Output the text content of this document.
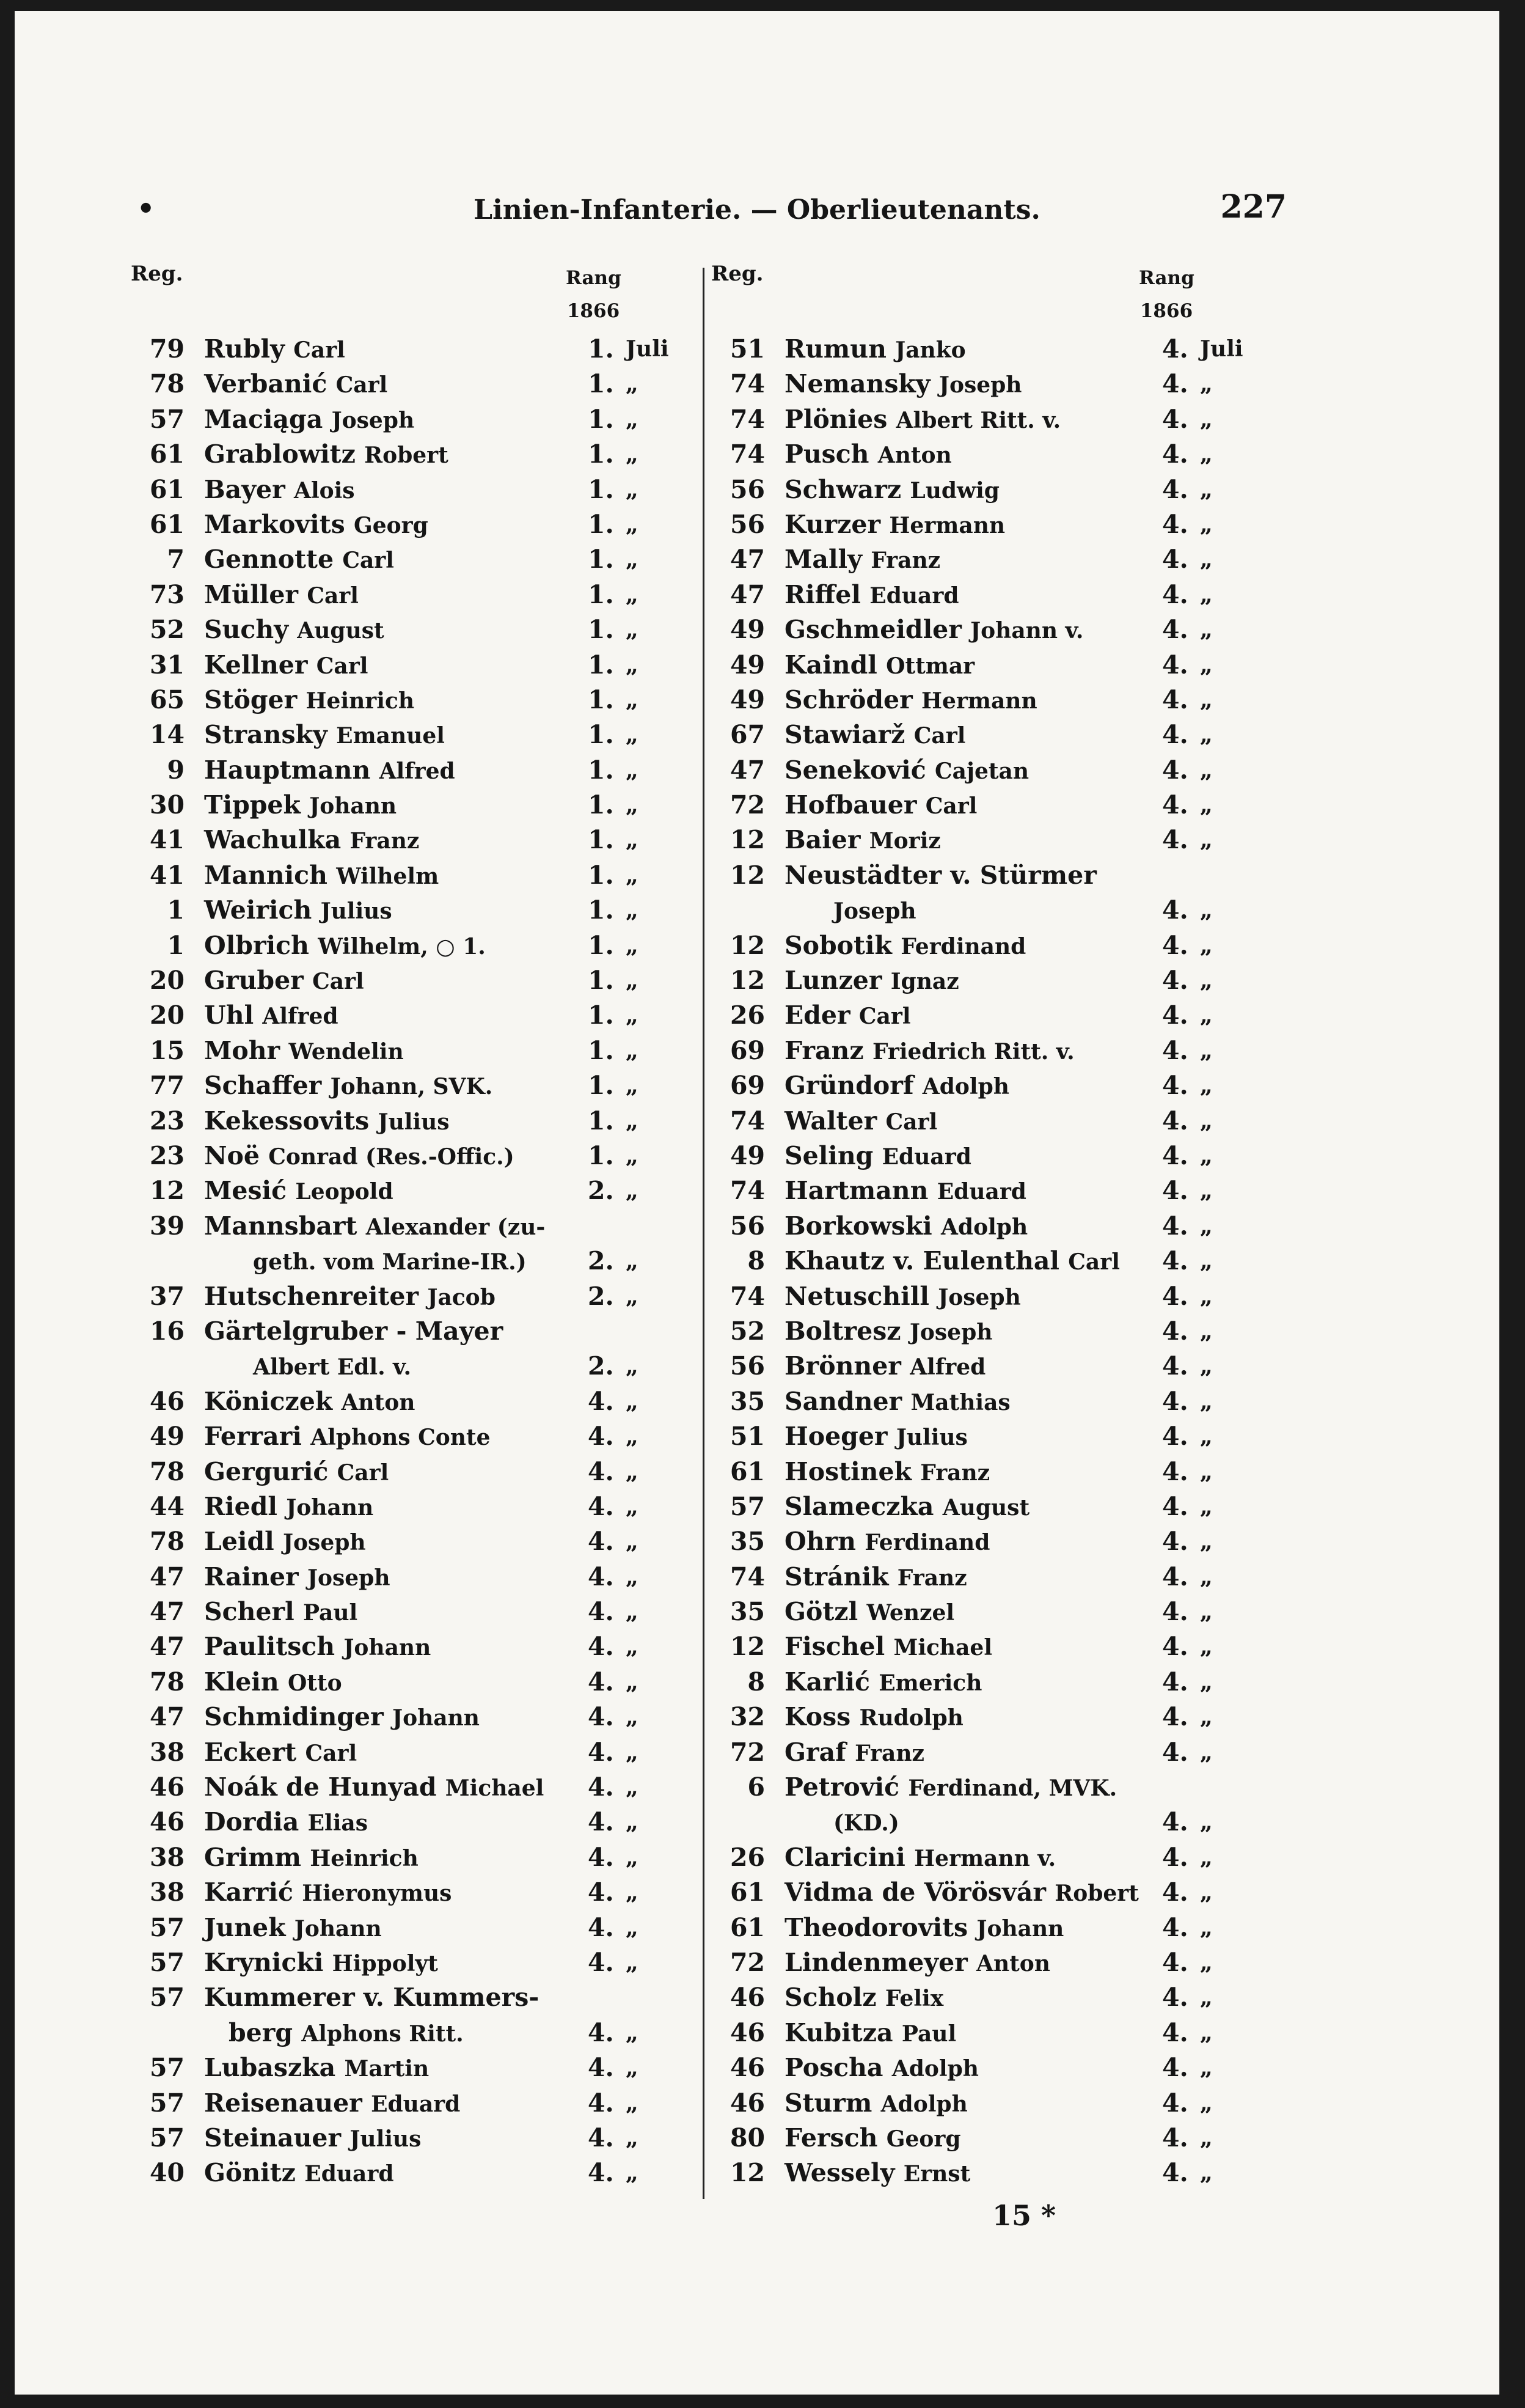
•	Linien-Infanterie. — Oberlieutenants.	227
Reg.	Rang
1866
79 Rubly Carl	1. Juli
78 Verbanić Carl	1. „
57 Maciąga Joseph	1. „
61 Grablowitz Robert	1. „
61 Bayer Alois	1. „
61 Markovits Georg	1. „
7 Gennotte Carl	1. „
73 Müller Carl	1. „
52 Suchy August	1. „
31 Kellner Carl	1. „
65 Stöger Heinrich	1. „
14 Stransky Emanuel	1. „
9 Hauptmann Alfred	1. „
30 Tippek Johann	1. „
41 Wachulka Franz	1. „
41 Mannich Wilhelm	1. „
1 Weirich Julius	1. „
1 Olbrich Wilhelm, ○ 1.	1. „
20 Gruber Carl	1. „
20 Uhl Alfred	1. „
15 Mohr Wendelin	1. „
77 Schaffer Johann, SVK.	1. „
23 Kekessovits Julius	1. „
23 Noë Conrad (Res.-Offic.)	1. „
12 Mesić Leopold	2. „
39 Mannsbart Alexander (zu-
geth. vom Marine-IR.) 2. „
37 Hutschenreiter Jacob	2. „
16 Gärtelgruber - Mayer
Albert Edl. v.	2. „
46 Köniczek Anton	4. „
49 Ferrari Alphons Conte	4. „
78 Gergurić Carl	4. „
44 Riedl Johann	4. „
78 Leidl Joseph	4. „
47 Rainer Joseph	4. „
47 Scherl Paul	4. „
47 Paulitsch Johann	4. „
78 Klein Otto	4. „
47 Schmidinger Johann	4. „
38 Eckert Carl	4. „
46 Noák de Hunyad Michael 4. „
46 Dordia Elias	4. „
38 Grimm Heinrich	4. „
38 Karrić Hieronymus	4. „
57 Junek Johann	4. „
57 Krynicki Hippolyt	4. „
57 Kummerer v. Kummers-
berg Alphons Ritt.	4. „
57 Lubaszka Martin	4. „
57 Reisenauer Eduard	4. „
57 Steinauer Julius	4. „
40 Gönitz Eduard	4. „
Reg.	Rang
1866
51 Rumun Janko	4. Juli
74 Nemansky Joseph	4. „
74 Plönies Albert Ritt. v.	4. „
74 Pusch Anton	4. „
56 Schwarz Ludwig	4. „
56 Kurzer Hermann	4. „
47 Mally Franz	4. „
47 Riffel Eduard	4. „
49 Gschmeidler Johann v.	4. „
49 Kaindl Ottmar	4. „
49 Schröder Hermann	4. „
67 Stawiarž Carl	4. „
47 Seneković Cajetan	4. „
72 Hofbauer Carl	4. „
12 Baier Moriz	4. „
12 Neustädter v. Stürmer
Joseph	4. „
12 Sobotik Ferdinand	4. „
12 Lunzer Ignaz	4. „
26 Eder Carl	4. „
69 Franz Friedrich Ritt. v.	4. „
69 Gründorf Adolph	4. „
74 Walter Carl	4. „
49 Seling Eduard	4. „
74 Hartmann Eduard	4. „
56 Borkowski Adolph	4. „
8 Khautz v. Eulenthal Carl 4. „
74 Netuschill Joseph	4. „
52 Boltresz Joseph	4. „
56 Brönner Alfred	4. „
35 Sandner Mathias	4. „
51 Hoeger Julius	4. „
61 Hostinek Franz	4. „
57 Slameczka August	4. „
35 Ohrn Ferdinand	4. „
74 Stránik Franz	4. „
35 Götzl Wenzel	4. „
12 Fischel Michael	4. „
8 Karlić Emerich	4. „
32 Koss Rudolph	4. „
72 Graf Franz	4. „
6 Petrović Ferdinand, MVK.
(KD.)	4. „
26 Claricini Hermann v.	4. „
61 Vidma de Vörösvár Robert 4. „
61 Theodorovits Johann	4. „
72 Lindenmeyer Anton	4. „
46 Scholz Felix	4. „
46 Kubitza Paul	4. „
46 Poscha Adolph	4. „
46 Sturm Adolph	4. „
80 Fersch Georg	4. „
12 Wessely Ernst	4. „
15 *
